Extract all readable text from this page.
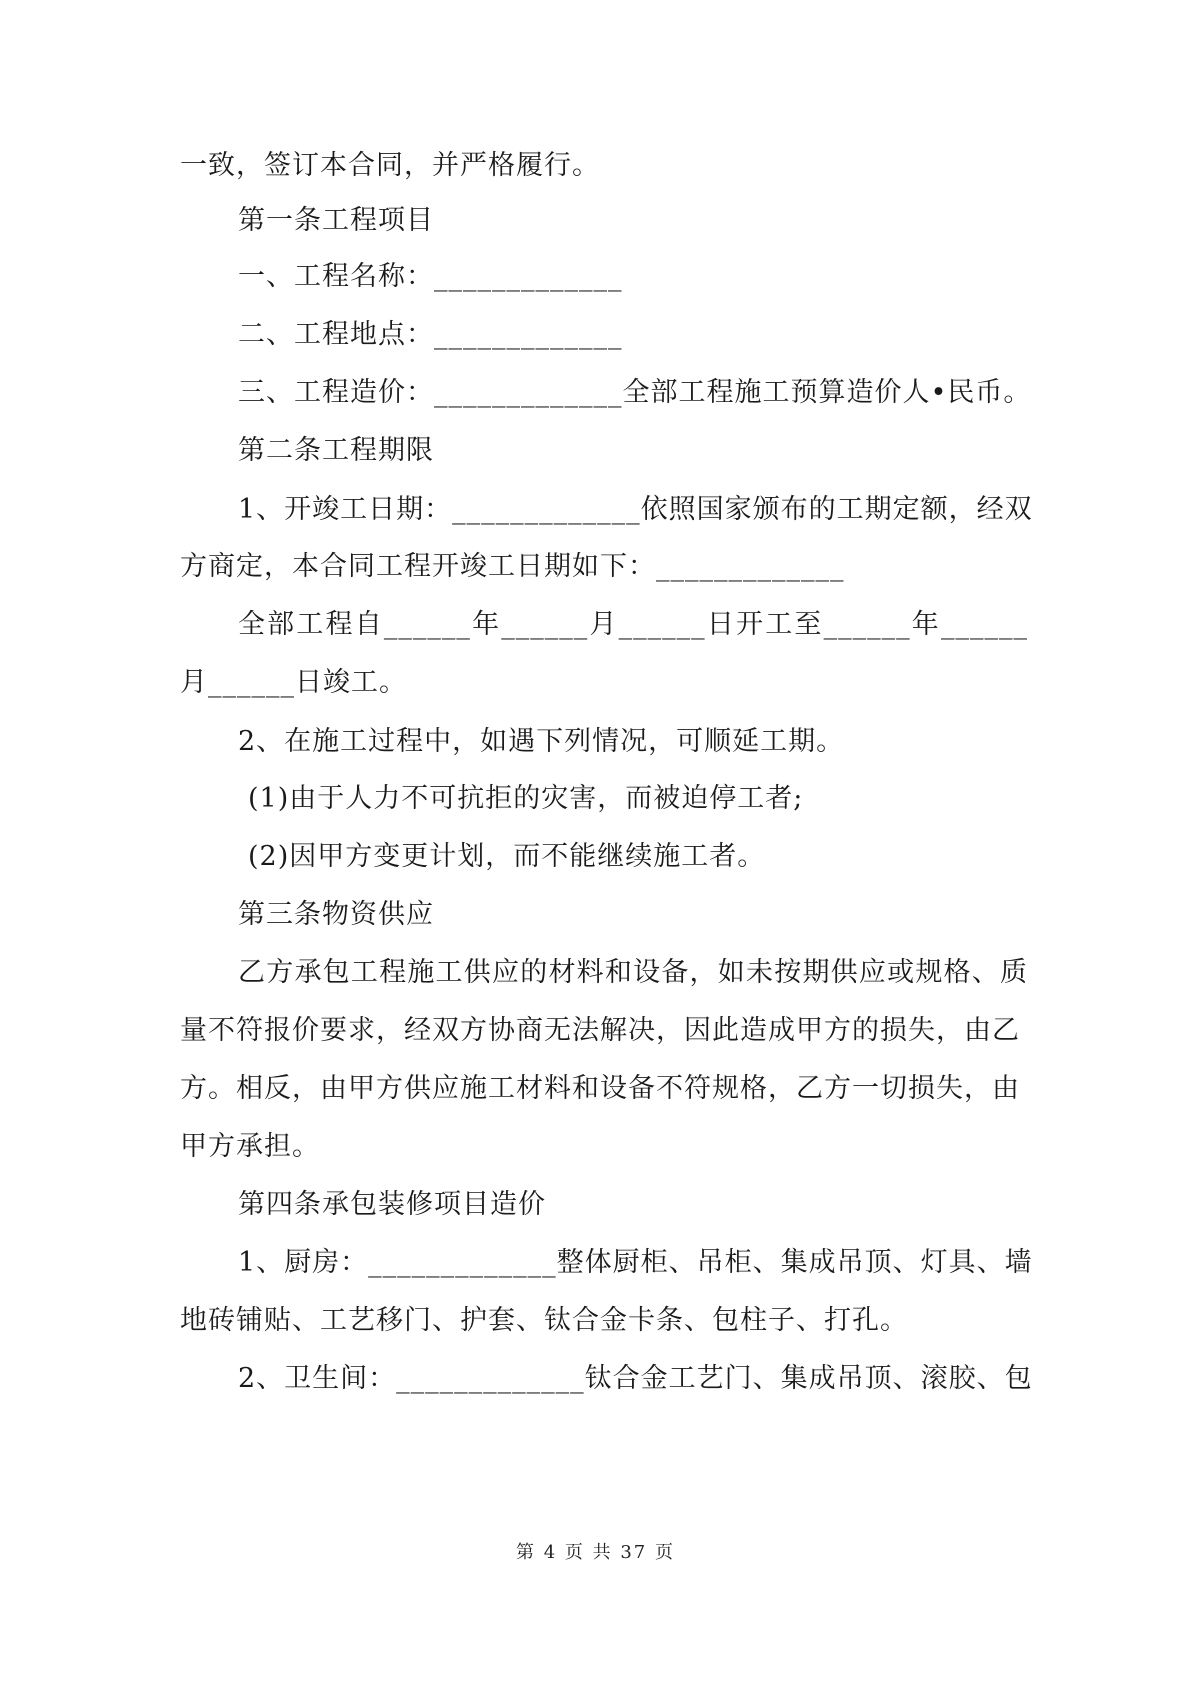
一致，签订本合同，并严格履行。
第一条工程项目
一、工程名称：_____________
二、工程地点：_____________
三、工程造价：_____________全部工程施工预算造价人•民币。
第二条工程期限
1、开竣工日期：_____________依照国家颁布的工期定额，经双
方商定，本合同工程开竣工日期如下：_____________
全部工程自______年______月______日开工至______年______
月______日竣工。
2、在施工过程中，如遇下列情况，可顺延工期。
(1)由于人力不可抗拒的灾害，而被迫停工者;
(2)因甲方变更计划，而不能继续施工者。
第三条物资供应
乙方承包工程施工供应的材料和设备，如未按期供应或规格、质
量不符报价要求，经双方协商无法解决，因此造成甲方的损失，由乙
方。相反，由甲方供应施工材料和设备不符规格，乙方一切损失，由
甲方承担。
第四条承包装修项目造价
1、厨房：_____________整体厨柜、吊柜、集成吊顶、灯具、墙
地砖铺贴、工艺移门、护套、钛合金卡条、包柱子、打孔。
2、卫生间：_____________钛合金工艺门、集成吊顶、滚胶、包
第 4 页 共 37 页
